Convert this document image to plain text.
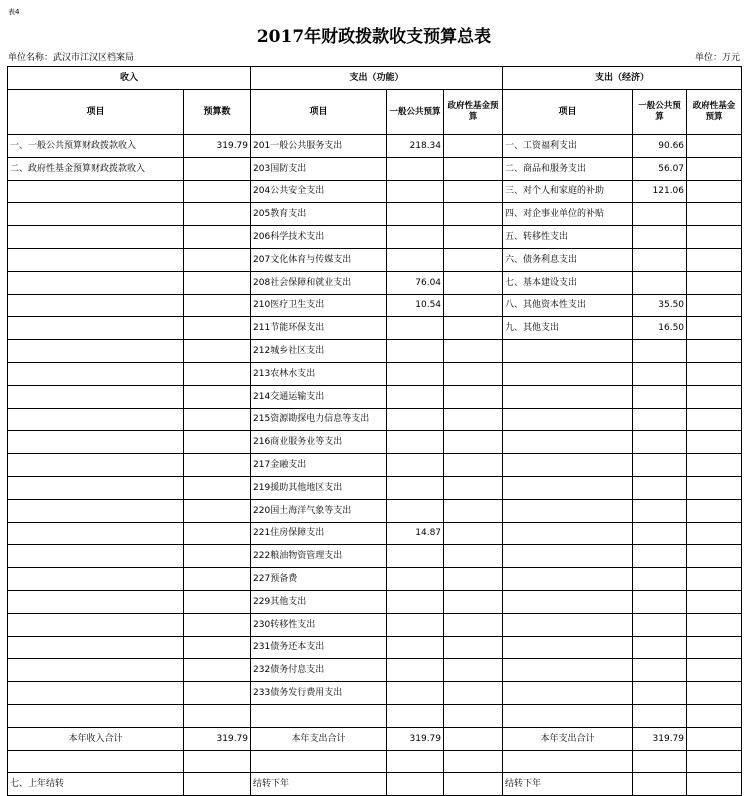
表4
2017年财政拨款收支预算总表
单位名称：武汉市江汉区档案局	单位：万元
收入		支出（功能）			支出（经济）		
项目	预算数	项目	一般公共预算	政府性基金预算	项目	一般公共预算	政府性基金预算
一、一般公共预算财政拨款收入	319.79	201一般公共服务支出	218.34		一、工资福利支出	90.66	
二、政府性基金预算财政拨款收入		203国防支出			二、商品和服务支出	56.07	
		204公共安全支出			三、对个人和家庭的补助	121.06	
		205教育支出			四、对企事业单位的补贴		
		206科学技术支出			五、转移性支出		
		207文化体育与传媒支出			六、债务利息支出		
		208社会保障和就业支出	76.04		七、基本建设支出		
		210医疗卫生支出	10.54		八、其他资本性支出	35.50	
		211节能环保支出			九、其他支出	16.50	
		212城乡社区支出					
		213农林水支出					
		214交通运输支出					
		215资源勘探电力信息等支出					
		216商业服务业等支出					
		217金融支出					
		219援助其他地区支出					
		220国土海洋气象等支出					
		221住房保障支出	14.87				
		222粮油物资管理支出					
		227预备费					
		229其他支出					
		230转移性支出					
		231债务还本支出					
		232债务付息支出					
		233债务发行费用支出					

本年收入合计	319.79	本年支出合计	319.79		本年支出合计	319.79	

七、上年结转		结转下年			结转下年		
